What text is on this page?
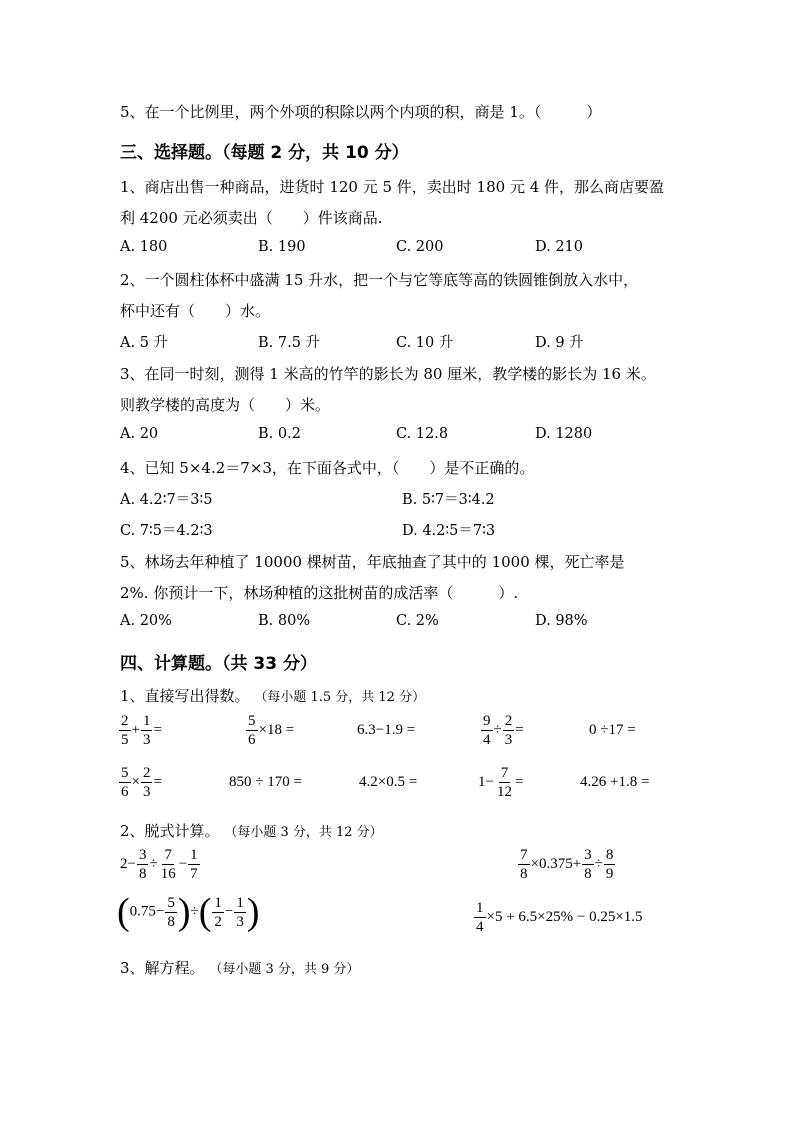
5、在一个比例里，两个外项的积除以两个内项的积，商是 1。（　　　）
三、选择题。（每题 2 分，共 10 分）
1、商店出售一种商品，进货时 120 元 5 件，卖出时 180 元 4 件，那么商店要盈
利 4200 元必须卖出（　　）件该商品.
A. 180	B. 190	C. 200	D. 210
2、一个圆柱体杯中盛满 15 升水，把一个与它等底等高的铁圆锥倒放入水中，
杯中还有（　　）水。
A. 5 升	B. 7.5 升	C. 10 升	D. 9 升
3、在同一时刻，测得 1 米高的竹竿的影长为 80 厘米，教学楼的影长为 16 米。
则教学楼的高度为（　　）米。
A. 20	B. 0.2	C. 12.8	D. 1280
4、已知 5×4.2＝7×3，在下面各式中，（　　）是不正确的。
A. 4.2∶7＝3∶5	B. 5∶7＝3∶4.2
C. 7∶5＝4.2∶3	D. 4.2∶5＝7∶3
5、林场去年种植了 10000 棵树苗，年底抽查了其中的 1000 棵，死亡率是
2%. 你预计一下，林场种植的这批树苗的成活率（　　　）.
A. 20%	B. 80%	C. 2%	D. 98%
四、计算题。（共 33 分）
1、直接写出得数。 （每小题 1.5 分，共 12 分）
$\frac{2}{5} + \frac{1}{3}$ =	$\frac{5}{6} \times 18$ =	6.3−1.9 =	$\frac{9}{4} \div \frac{2}{3}$ =	0 ÷17 =
$\frac{5}{6} \times \frac{2}{3}$ =	850 ÷ 170 =	4.2×0.5 =	$1- \frac{7}{12}$ =	4.26 +1.8 =
2、脱式计算。 （每小题 3 分，共 12 分）
$2- \frac{3}{8} \div \frac{7}{16} - \frac{1}{7}$	$\frac{7}{8} \times 0.375+ \frac{3}{8} \div \frac{8}{9}$
($0.75- \frac{5}{8}$ )÷( $\frac{1}{2} - \frac{1}{3}$ )	$\frac{1}{4} \times 5 + 6.5\times 25\% - 0.25\times 1.5$
3、解方程。 （每小题 3 分，共 9 分）
